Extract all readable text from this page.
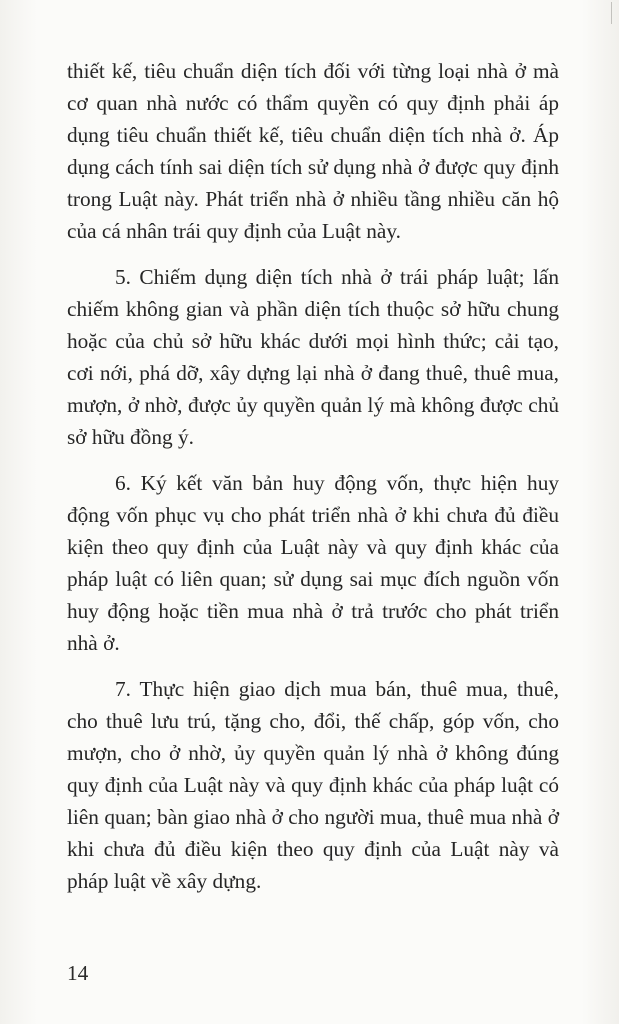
thiết kế, tiêu chuẩn diện tích đối với từng loại nhà ở mà cơ quan nhà nước có thẩm quyền có quy định phải áp dụng tiêu chuẩn thiết kế, tiêu chuẩn diện tích nhà ở. Áp dụng cách tính sai diện tích sử dụng nhà ở được quy định trong Luật này. Phát triển nhà ở nhiều tầng nhiều căn hộ của cá nhân trái quy định của Luật này.

5. Chiếm dụng diện tích nhà ở trái pháp luật; lấn chiếm không gian và phần diện tích thuộc sở hữu chung hoặc của chủ sở hữu khác dưới mọi hình thức; cải tạo, cơi nới, phá dỡ, xây dựng lại nhà ở đang thuê, thuê mua, mượn, ở nhờ, được ủy quyền quản lý mà không được chủ sở hữu đồng ý.

6. Ký kết văn bản huy động vốn, thực hiện huy động vốn phục vụ cho phát triển nhà ở khi chưa đủ điều kiện theo quy định của Luật này và quy định khác của pháp luật có liên quan; sử dụng sai mục đích nguồn vốn huy động hoặc tiền mua nhà ở trả trước cho phát triển nhà ở.

7. Thực hiện giao dịch mua bán, thuê mua, thuê, cho thuê lưu trú, tặng cho, đổi, thế chấp, góp vốn, cho mượn, cho ở nhờ, ủy quyền quản lý nhà ở không đúng quy định của Luật này và quy định khác của pháp luật có liên quan; bàn giao nhà ở cho người mua, thuê mua nhà ở khi chưa đủ điều kiện theo quy định của Luật này và pháp luật về xây dựng.

14
